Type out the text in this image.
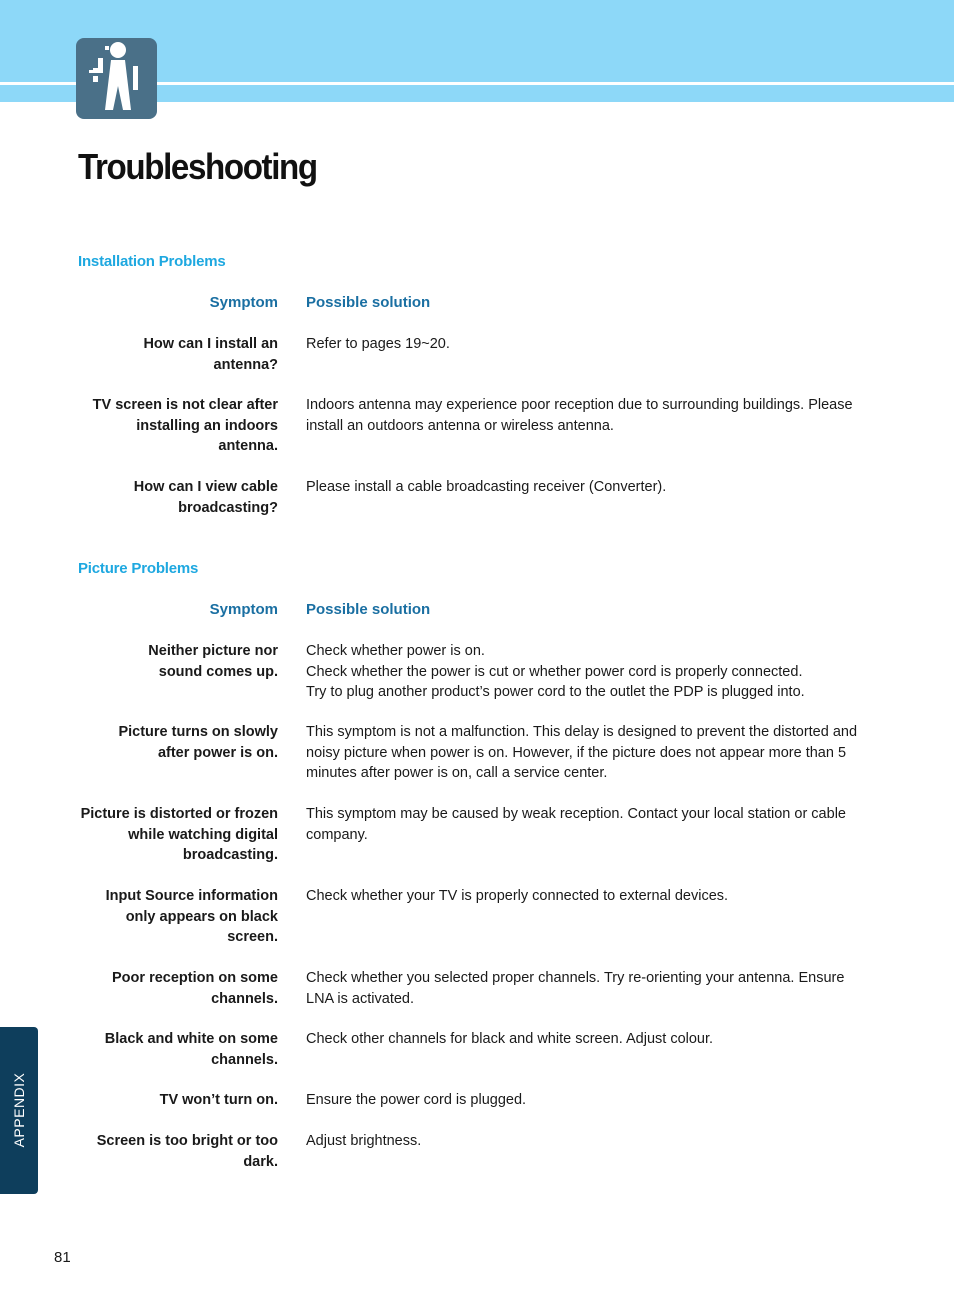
Troubleshooting
Installation Problems
Symptom Possible solution
How can I install an
antenna?
Refer to pages 19~20.
TV screen is not clear after
installing an indoors
antenna.
Indoors antenna may experience poor reception due to surrounding buildings. Please
install an outdoors antenna or wireless antenna.
How can I view cable
broadcasting?
Please install a cable broadcasting receiver (Converter).
Picture Problems
Symptom Possible solution
Neither picture nor
sound comes up.
Check whether power is on.
Check whether the power is cut or whether power cord is properly connected.
Try to plug another product’s power cord to the outlet the PDP is plugged into.
Picture turns on slowly
after power is on.
This symptom is not a malfunction. This delay is designed to prevent the distorted and
noisy picture when power is on. However, if the picture does not appear more than 5
minutes after power is on, call a service center.
Picture is distorted or frozen
while watching digital
broadcasting.
This symptom may be caused by weak reception. Contact your local station or cable
company.
Input Source information
only appears on black
screen.
Check whether your TV is properly connected to external devices.
Poor reception on some
channels.
Check whether you selected proper channels. Try re-orienting your antenna. Ensure
LNA is activated.
Black and white on some
channels.
Check other channels for black and white screen. Adjust colour.
TV won’t turn on. Ensure the power cord is plugged.
Screen is too bright or too
dark.
Adjust brightness.
APPENDIX
81
